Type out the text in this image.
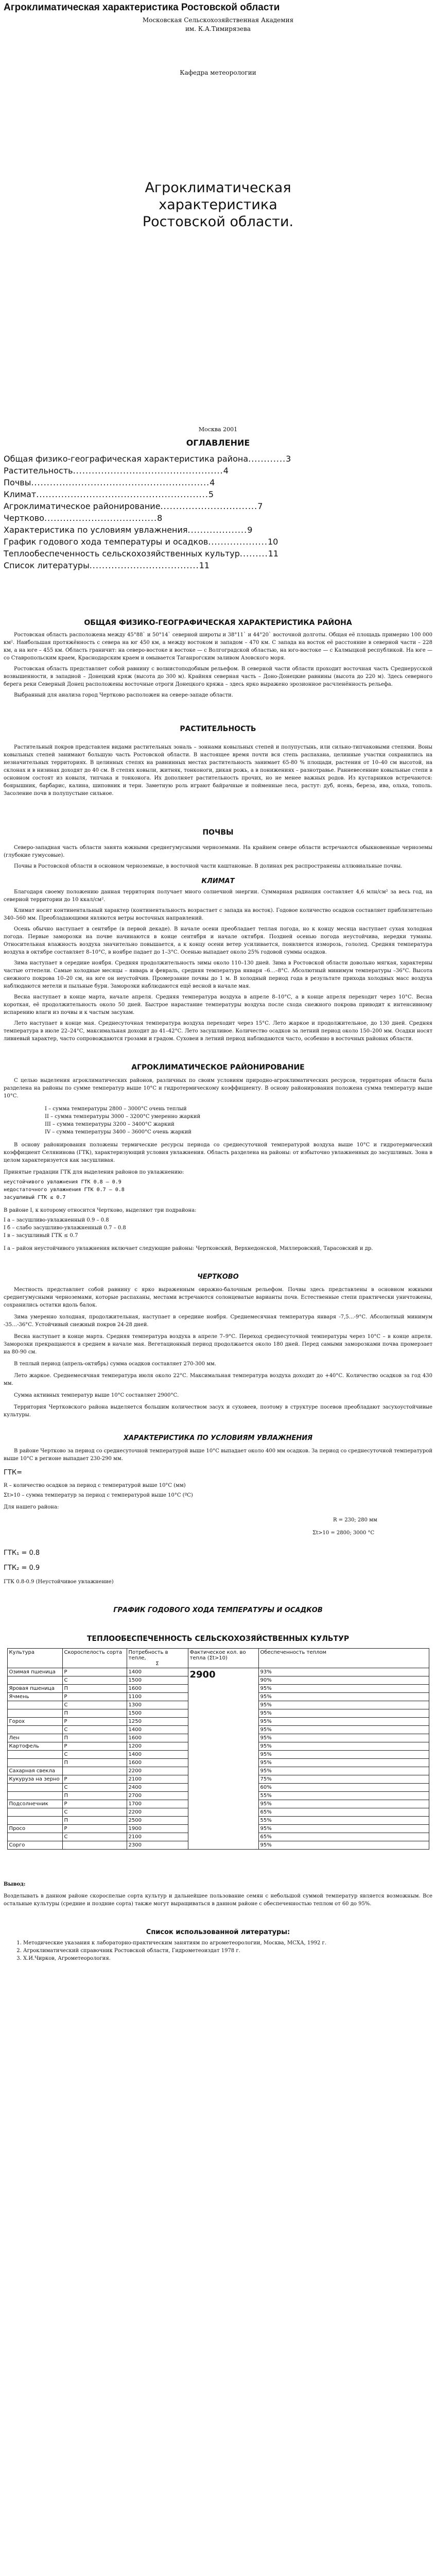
Агроклиматическая характеристика Ростовской области
Московская Сельскохозяйственная Академия
им. К.А.Тимирязева
Кафедра метеорологии
Агроклиматическая
характеристика
Ростовской области.
Москва 2001
ОГЛАВЛЕНИЕ
Общая физико-географическая характеристика района............3
Растительность................................................4
Почвы.........................................................4
Климат.......................................................5
Агроклиматическое районирование...............................7
Чертково....................................8
Характеристика по условиям увлажнения...................9
График годового хода температуры и осадков...................10
Теплообеспеченность сельскохозяйственных культур.........11
Список литературы...................................11
ОБЩАЯ ФИЗИКО-ГЕОГРАФИЧЕСКАЯ ХАРАКТЕРИСТИКА РАЙОНА

Ростовская область расположена между 45°88` и 50°14` северной широты и 38°11` и 44°20` восточной долготы. Общая её площадь примерно 100 000 км². Наибольшая протяжённость с севера на юг 450 км, а между востоком и западом – 470 км. С запада на восток её расстояние в северной части – 228 км, а на юге – 455 км. Область граничит: на северо-востоке и востоке — с Волгоградской областью, на юго-востоке — с Калмыцкой республикой. На юге — со Ставропольским краем, Краснодарским краем и омывается Таганрогским заливом Азовского моря.

Ростовская область представляет собой равнину с волнистоподобным рельефом. В северной части области проходит восточная часть Среднерусской возвышенности, в западной – Донецкий кряж (высота до 300 м). Крайняя северная часть – Доно-Донецкие равнины (высота до 220 м). Здесь северного берега реки Северный Донец расположены восточные отроги Донецкого кряжа – здесь ярко выражено эрозионное расчленённость рельефа.

Выбранный для анализа город Чертково расположен на севере-западе области.

РАСТИТЕЛЬНОСТЬ

Растительный покров представлен видами растительных зональ – зоннами ковыльных степей и полупустынь, или сильно-типчаковыми степями. Воны ковыльных степей занимают большую часть Ростовской области. В настоящее время почти вся степь распахана, целинные участки сохранились на незначительных территориях. В целинных степях на равнинных местах растительность занимает 65-80 % площади, растения от 10–40 см высотой, на склонах и в низинах доходят до 40 см. В степях ковыли, житняк, тонконоги, дикая рожь, а в понижениях – разнотравье. Ранневесенние ковыльные степи в основном состоят из ковыля, типчака и тонконога. Их дополняет растительность прочих, но не менее важных родов. Из кустарников встречаются: боярышник, барбарис, калина, шиповник и терн. Заметную роль играют байрачные и пойменные леса, растут: дуб, ясень, береза, ива, ольха, тополь. Засоление почв в полупустыне сильное.

ПОЧВЫ

Северо-западная часть области занята южными среднегумусными черноземами. На крайнем севере области встречаются обыкновенные черноземы (глубокие гумусовые).

Почвы в Ростовской области в основном черноземные, в восточной части каштановые. В долинах рек распространены аллювиальные почвы.

КЛИМАТ

Благодаря своему положению данная территория получает много солнечной энергии. Суммарная радиация составляет 4,6 млн/см² за весь год, на северной территории до 10 ккал/см².

Климат носит континентальный характер (континентальность возрастает с запада на восток). Годовое количество осадков составляет приблизительно 340–560 мм. Преобладающими являются ветры восточных направлений.

Осень обычно наступает в сентябре (в первой декаде). В начале осени преобладает теплая погода, но к концу месяца наступает сухая холодная погода. Первые заморозки на почве начинаются в конце сентября и начале октября. Поздней осенью погода неустойчива, нередки туманы. Относительная влажность воздуха значительно повышается, а к концу осени ветер усиливается, появляется изморозь, гололед. Средняя температура воздуха в октябре составляет 8–10°С, в ноябре падает до 1–3°С. Осенью выпадает около 25% годовой суммы осадков.

Зима наступает в середине ноября. Средняя продолжительность зимы около 110–130 дней. Зима в Ростовской области довольно мягкая, характерны частые оттепели. Самые холодные месяцы – январь и февраль, средняя температура января –6…–8°С. Абсолютный минимум температуры –36°С. Высота снежного покрова 10–20 см, на юге он неустойчив. Промерзание почвы до 1 м. В холодный период года в результате прихода холодных масс воздуха наблюдаются метели и пыльные бури. Заморозки наблюдаются ещё весной в начале мая.

Весна наступает в конце марта, начале апреля. Средняя температура воздуха в апреле 8–10°С, а в конце апреля переходит через 10°С. Весна короткая, её продолжительность около 50 дней. Быстрое нарастание температуры воздуха после схода снежного покрова приводит к интенсивному испарению влаги из почвы и к частым засухам.

Лето наступает в конце мая. Среднесуточная температура воздуха переходит через 15°С. Лето жаркое и продолжительное, до 130 дней. Средняя температура в июле 22–24°С, максимальная доходит до 41–42°С. Лето засушливое. Количество осадков за летний период около 150–200 мм. Осадки носят ливневый характер, часто сопровождаются грозами и градом. Суховеи в летний период наблюдаются часто, особенно в восточных районах области.

АГРОКЛИМАТИЧЕСКОЕ РАЙОНИРОВАНИЕ

С целью выделения агроклиматических районов, различных по своим условиям природно-агроклиматических ресурсов, территория области была разделена на районы по сумме температур выше 10°С и гидротермическому коэффициенту. В основу районирования положена сумма температур выше 10°С.

I – сумма температуры 2800 – 3000°С очень теплый

II – сумма температуры 3000 – 3200°С умеренно жаркий

III – сумма температуры 3200 – 3400°С жаркий

IV – сумма температуры 3400 – 3600°С очень жаркий

В основу районирования положены термические ресурсы периода со среднесуточной температурой воздуха выше 10°С и гидротермический коэффициент Селянинова (ГТК), характеризующий условия увлажнения. Область разделена на районы: от избыточно увлажненных до засушливых. Зона в целом характеризуется как засушливая.

Принятые градации ГТК для выделения районов по увлажнению:

неустойчивого увлажнения ГТК 0.8 – 0.9

недостаточного увлажнения ГТК 0.7 – 0.8

засушливый ГТК ≤ 0.7

В районе I, к которому относится Чертково, выделяют три подрайона:

I а – засушливо-увлажненный 0.9 – 0.8

I б – слабо засушливо-увлажненный 0.7 – 0.8

I в – засушливый ГТК ≤ 0.7

I а – район неустойчивого увлажнения включает следующие районы: Чертковский, Верхнедонской, Миллеровский, Тарасовский и др.

ЧЕРТКОВО

Местность представляет собой равнину с ярко выраженным овражно-балочным рельефом. Почвы здесь представлены в основном южными среднегумусными черноземами, которые распаханы, местами встречаются солонцеватые варианты почв. Естественные степи практически уничтожены, сохранились остатки вдоль балок.

Зима умеренно холодная, продолжительная, наступает в середине ноября. Среднемесячная температура января -7,5…-9°С. Абсолютный минимум -35…-36°С. Устойчивый снежный покров 24-28 дней.

Весна наступает в конце марта. Средняя температура воздуха в апреле 7–9°С. Переход среднесуточной температуры через 10°С – в конце апреля. Заморозки прекращаются в среднем в начале мая. Вегетационный период продолжается около 180 дней. Перед самыми заморозками почва промерзает на 80-90 см.

В теплый период (апрель-октябрь) сумма осадков составляет 270-300 мм.

Лето жаркое. Среднемесячная температура июля около 22°С. Максимальная температура воздуха доходит до +40°С. Количество осадков за год 430 мм.

Сумма активных температур выше 10°С составляет 2900°С.

Территория Чертковского района выделяется большим количеством засух и суховеев, поэтому в структуре посевов преобладают засухоустойчивые культуры.

ХАРАКТЕРИСТИКА ПО УСЛОВИЯМ УВЛАЖНЕНИЯ

В районе Чертково за период со среднесуточной температурой выше 10°С выпадает около 400 мм осадков. За период со среднесуточной температурой выше 10°С в регионе выпадает 230-290 мм.

ГТК=

R – количество осадков за период с температурой выше 10°С (мм)

Σt>10 – сумма температур за период с температурой выше 10°С (ºС)

Для нашего района:

R = 230; 280 мм

Σt>10 = 2800; 3000 °С

ГТК₁ = 0.8
ГТК₂ = 0.9

ГТК 0.8-0.9 (Неустойчивое увлажнение)

ГРАФИК ГОДОВОГО ХОДА ТЕМПЕРАТУРЫ И ОСАДКОВ
ТЕПЛООБЕСПЕЧЕННОСТЬ СЕЛЬСКОХОЗЯЙСТВЕННЫХ КУЛЬТУР
Культура	Скороспелость сорта	Потребность в тепле,
Σ	Фактическое кол. во тепла (Σt>10)	Обеспеченность теплом
Озимая пшеница	Р	1400	2900	93%
	С	1500		90%
Яровая пшеница	П	1600		95%
Ячмень	Р	1100		95%
	С	1300		95%
	П	1500		95%
Горох	Р	1250		95%
	С	1400		95%
Лен	П	1600		95%
Картофель	Р	1200		95%
	С	1400		95%
	П	1600		95%
Сахарная свекла		2200		95%
Кукуруза на зерно	Р	2100		75%
	С	2400		60%
	П	2700		55%
Подсолнечник	Р	1700		95%
	С	2200		65%
	П	2500		55%
Просо	Р	1900		95%
	С	2100		65%
Сорго		2300		95%

Вывод:

Возделывать в данном районе скороспелые сорта культур и дальнейшее пользование семян с небольшой суммой температур является возможным. Все остальные культуры (средние и поздние сорта) также могут выращиваться в данном районе с обеспеченностью теплом от 60 до 95%.

Список использованной литературы:
1. Методические указания к лабораторно-практическим занятиям по агрометеорологии, Москва, МСХА, 1992 г.
2. Агроклиматический справочник Ростовской области, Гидрометеоиздат 1978 г.
3. Х.И.Чирков, Агрометеорология.
